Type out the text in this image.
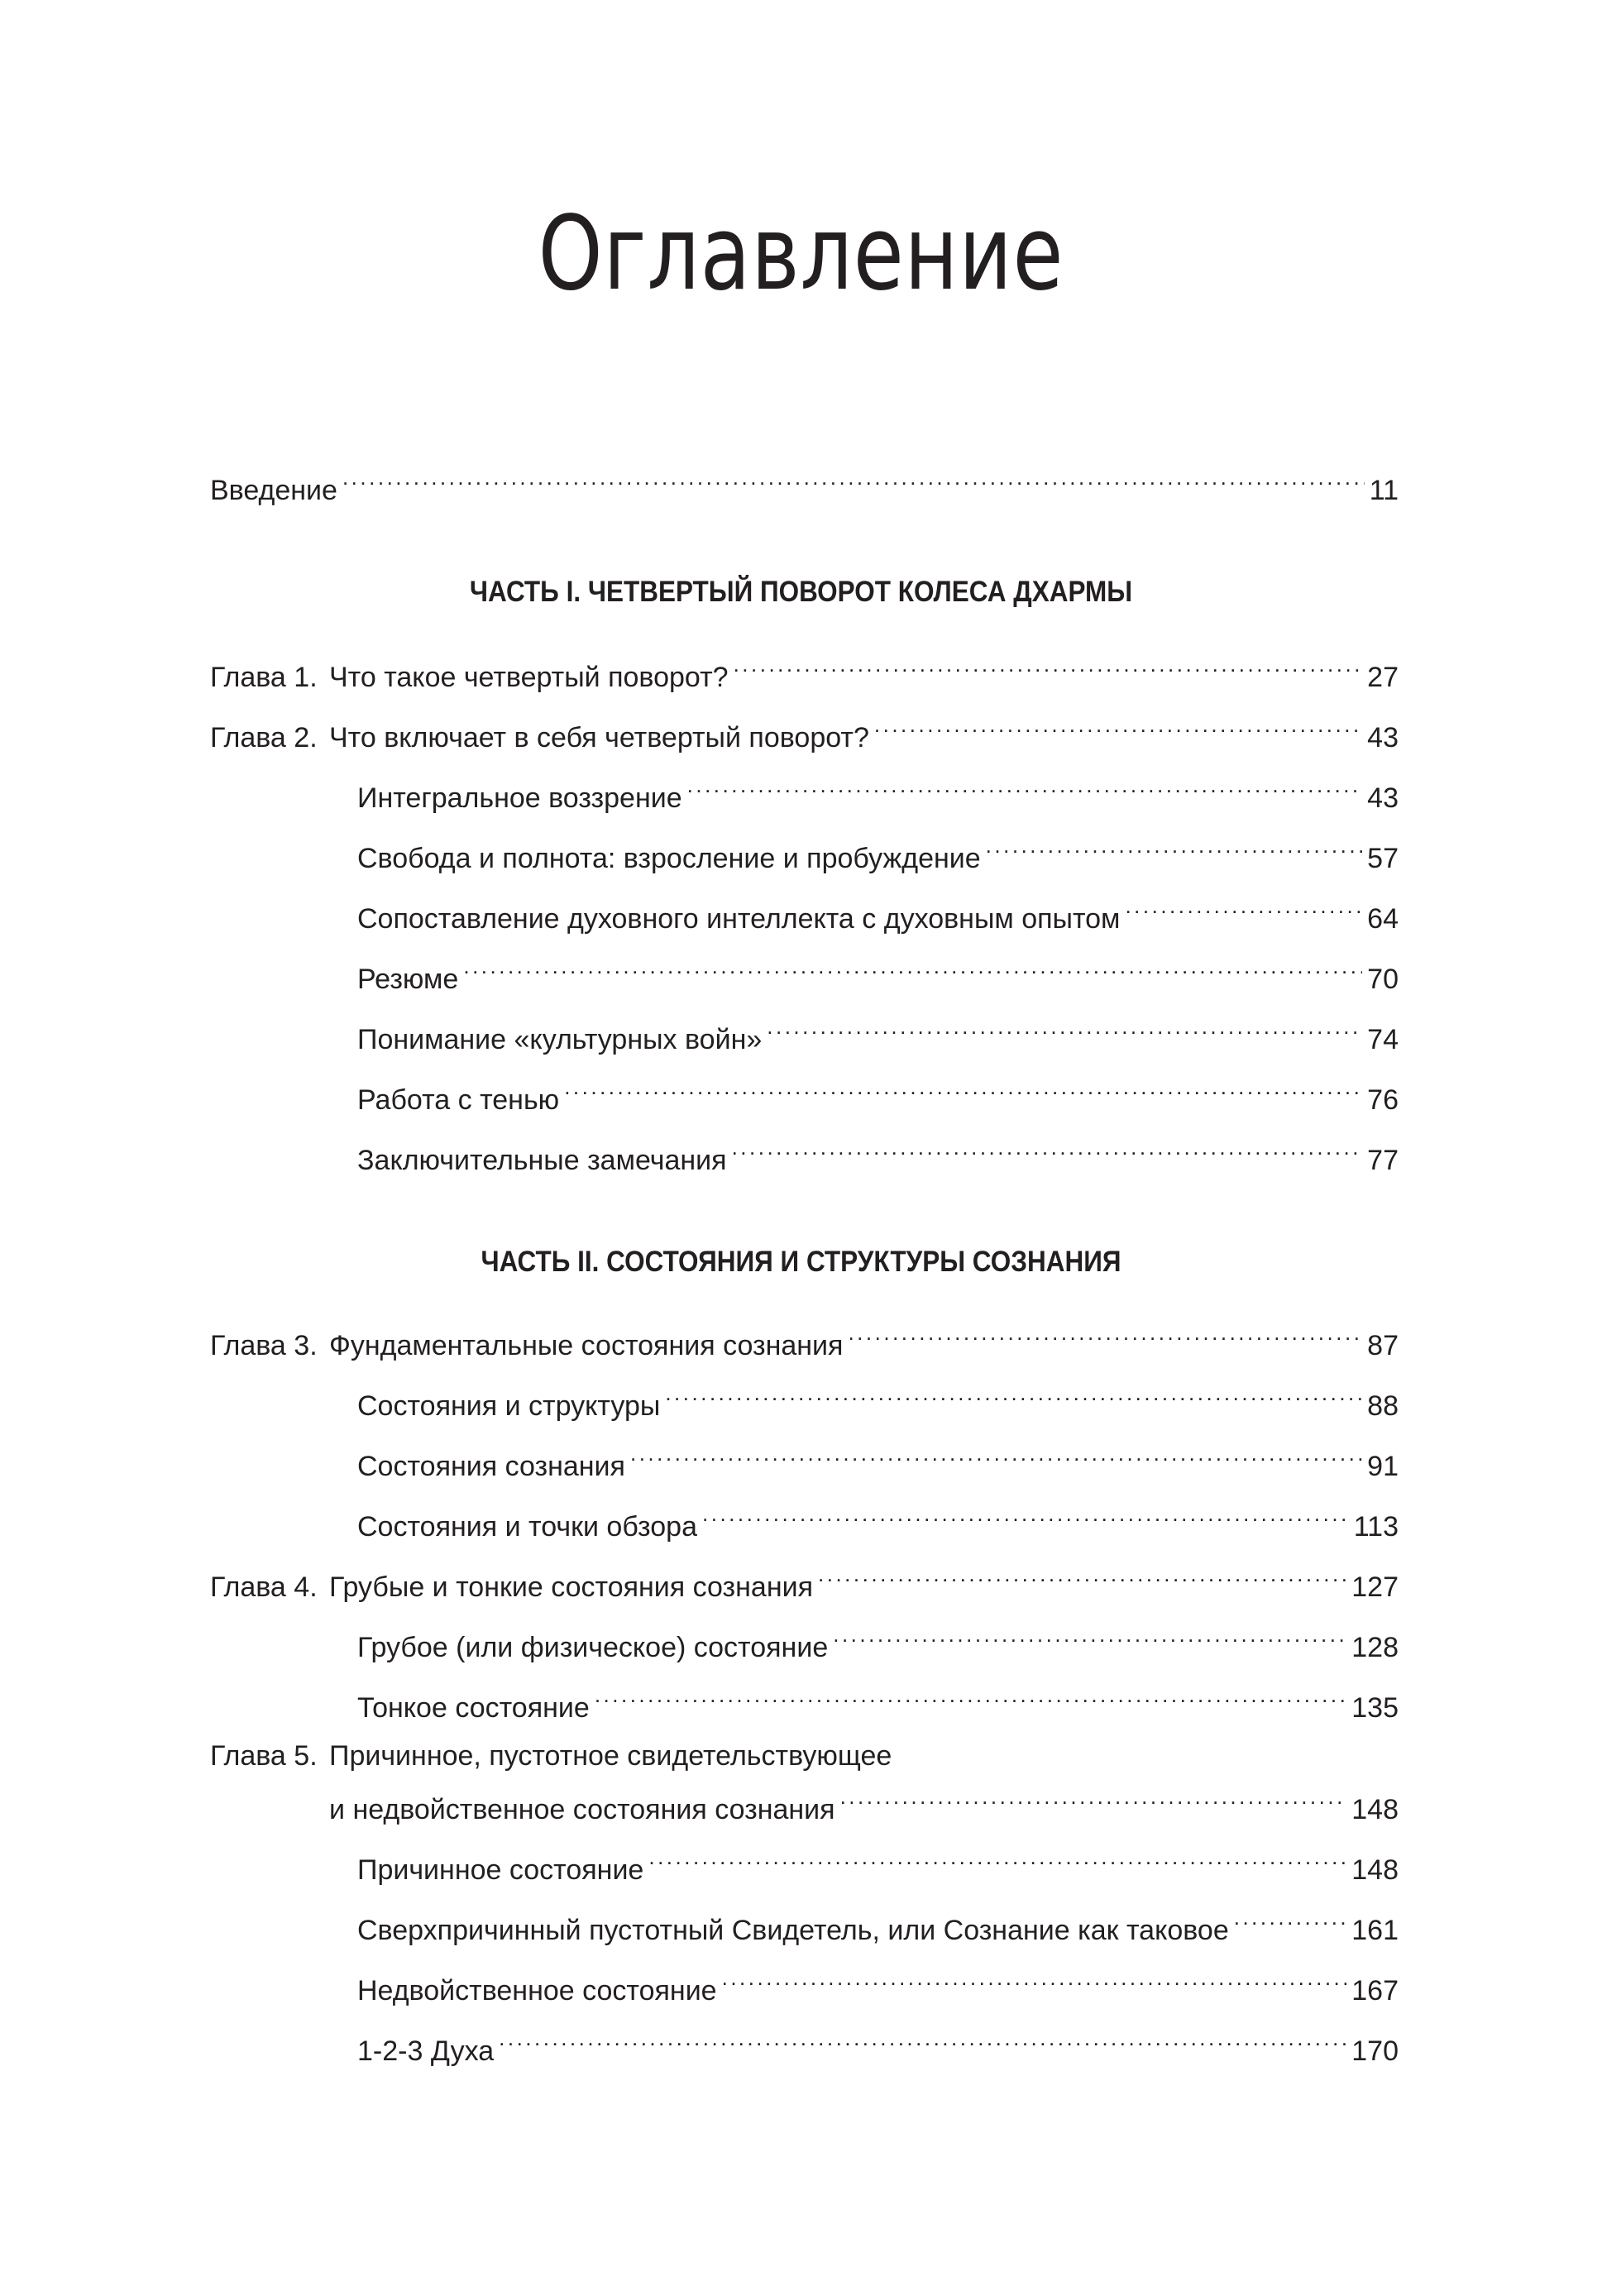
Оглавление
Введение .....	11
ЧАСТЬ I. ЧЕТВЕРТЫЙ ПОВОРОТ КОЛЕСА ДХАРМЫ
Глава 1. Что такое четвертый поворот? .....	27
Глава 2. Что включает в себя четвертый поворот? .....	43
Интегральное воззрение .....	43
Свобода и полнота: взросление и пробуждение .....	57
Сопоставление духовного интеллекта с духовным опытом .....	64
Резюме .....	70
Понимание «культурных войн» .....	74
Работа с тенью .....	76
Заключительные замечания .....	77
ЧАСТЬ II. СОСТОЯНИЯ И СТРУКТУРЫ СОЗНАНИЯ
Глава 3. Фундаментальные состояния сознания .....	87
Состояния и структуры .....	88
Состояния сознания .....	91
Состояния и точки обзора .....	113
Глава 4. Грубые и тонкие состояния сознания .....	127
Грубое (или физическое) состояние .....	128
Тонкое состояние .....	135
Глава 5. Причинное, пустотное свидетельствующее
и недвойственное состояния сознания .....	148
Причинное состояние .....	148
Сверхпричинный пустотный Свидетель, или Сознание как таковое .....	161
Недвойственное состояние .....	167
1-2-3 Духа .....	170
